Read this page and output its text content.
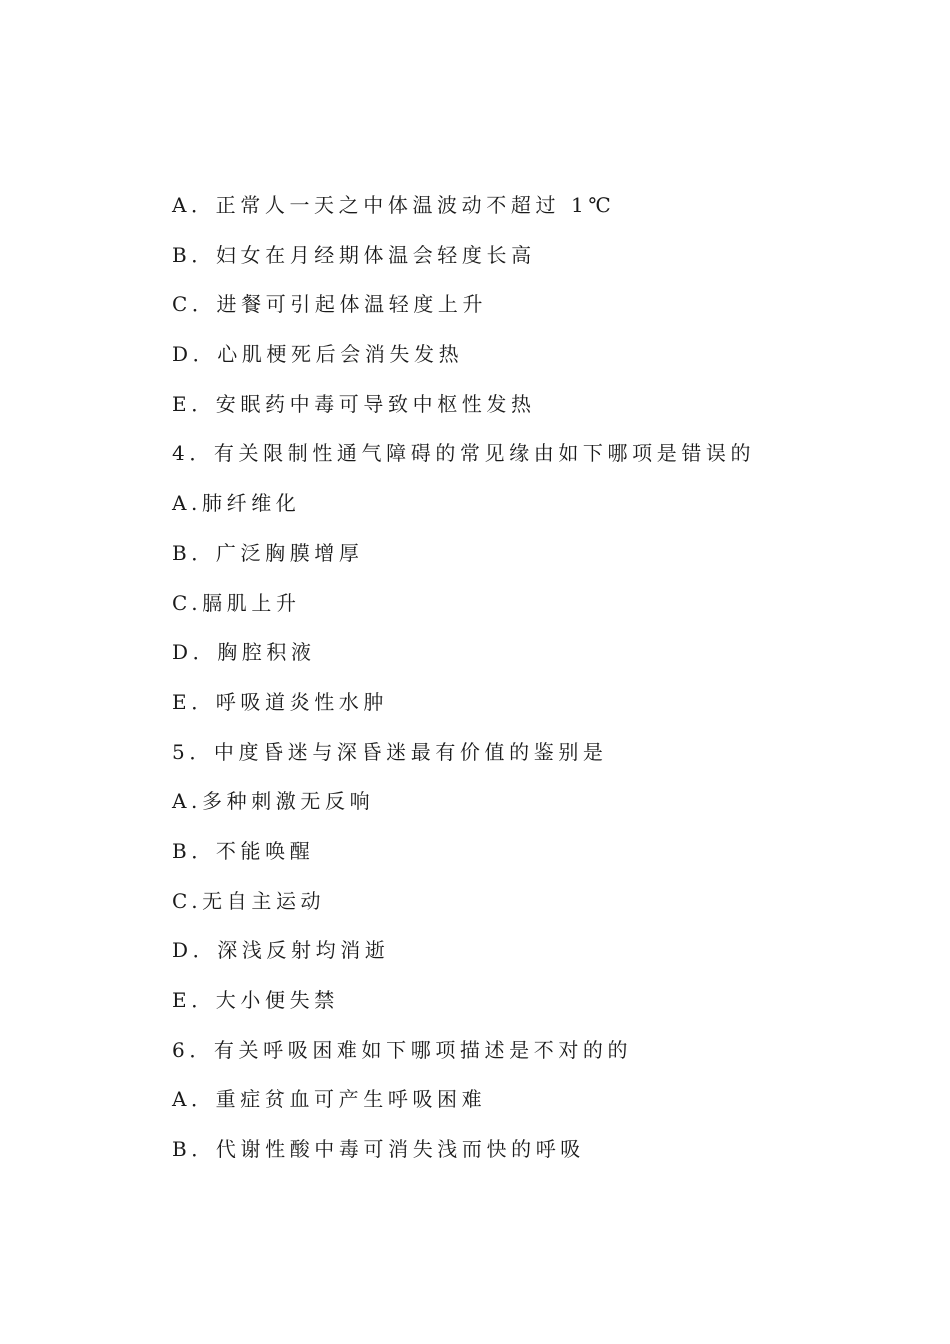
A．正常人一天之中体温波动不超过 1℃
B．妇女在月经期体温会轻度长高
C．进餐可引起体温轻度上升
D．心肌梗死后会消失发热
E．安眠药中毒可导致中枢性发热
4．有关限制性通气障碍的常见缘由如下哪项是错误的
A.肺纤维化
B．广泛胸膜增厚
C.膈肌上升
D．胸腔积液
E．呼吸道炎性水肿
5．中度昏迷与深昏迷最有价值的鉴别是
A.多种刺激无反响
B．不能唤醒
C.无自主运动
D．深浅反射均消逝
E．大小便失禁
6．有关呼吸困难如下哪项描述是不对的的
A．重症贫血可产生呼吸困难
B．代谢性酸中毒可消失浅而快的呼吸
